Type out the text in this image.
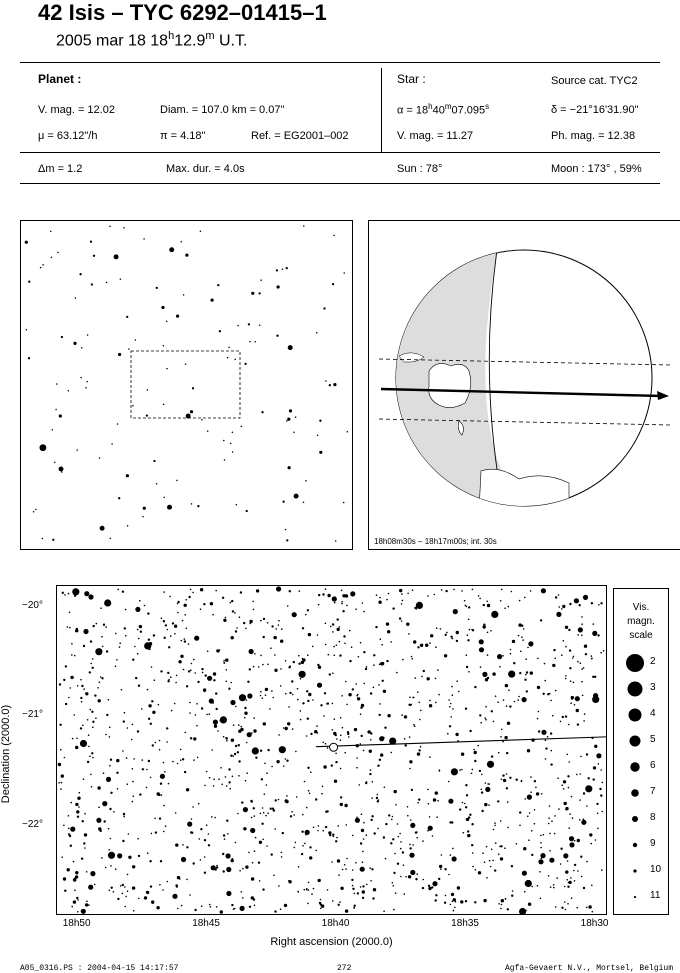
42 Isis – TYC 6292–01415–1
2005 mar 18 18$^h$12.9$^m$ U.T.
Planet :
V. mag. = 12.02	Diam. = 107.0 km = 0.07"
μ = 63.12"/h	π = 4.18"	Ref. = EG2001–002
Star :	Source cat. TYC2
$\alpha = 18^h40^m07.095^s$	δ = −21°16'31.90"
V. mag. = 11.27	Ph. mag. = 12.38
Δm = 1.2	Max. dur. = 4.0s	Sun : 78°	Moon : 173° , 59%
18h08m30s – 18h17m00s; int. 30s
Declination (2000.0)
18h50	18h45	18h40	18h35	18h30
−20°
−21°
−22°
Right ascension (2000.0)
Vis.
magn.
scale
2
3
4
5
6
7
8
9
10
11
A05_0316.PS : 2004-04-15 14:17:57	272	Agfa-Gevaert N.V., Mortsel, Belgium
